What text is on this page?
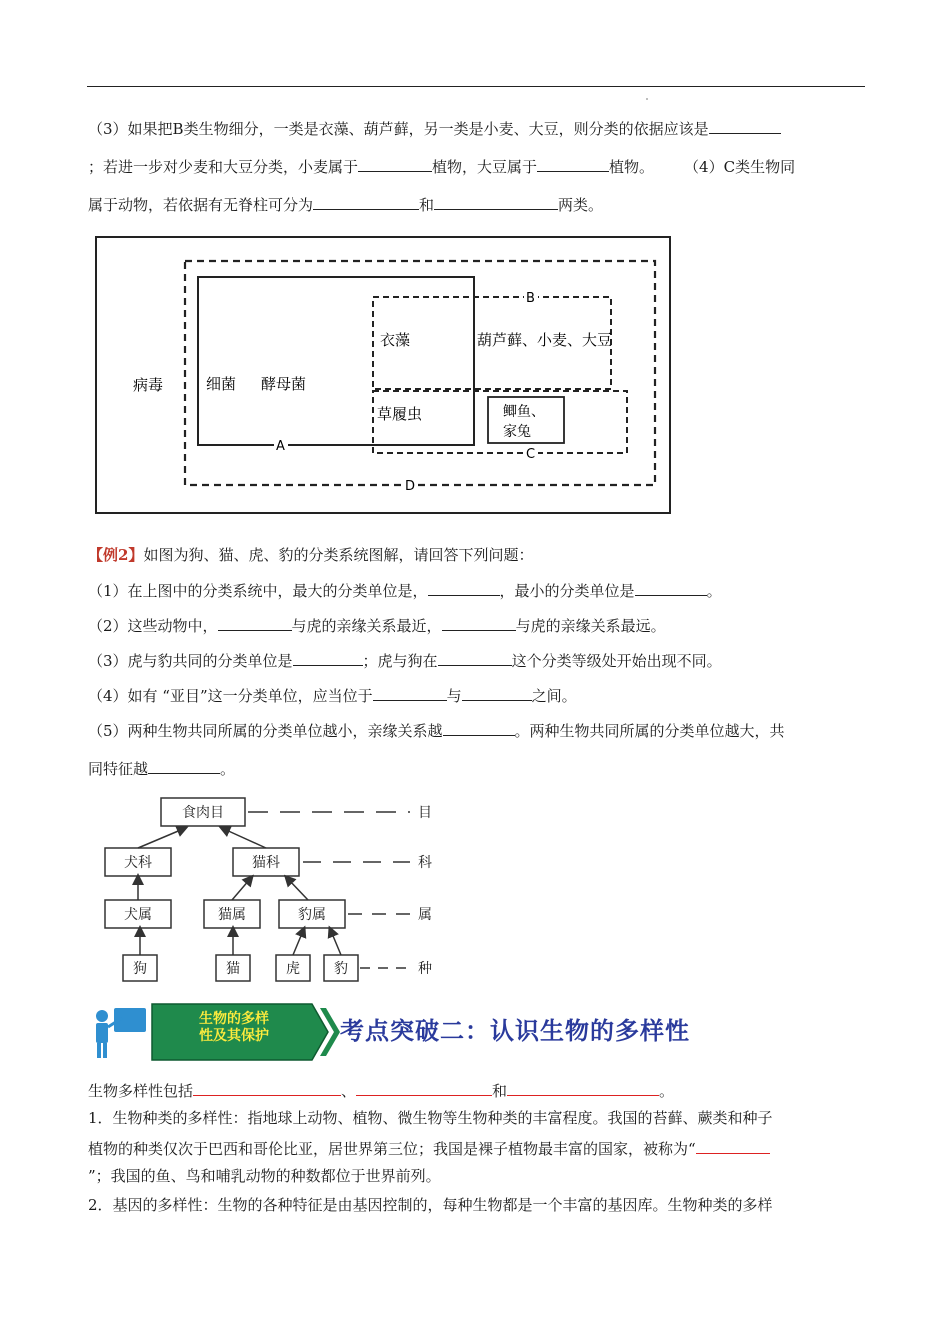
（3）如果把B类生物细分，一类是衣藻、葫芦藓，另一类是小麦、大豆，则分类的依据应该是
；若进一步对少麦和大豆分类，小麦属于	植物，大豆属于	植物。 （4）C类生物同
属于动物，若依据有无脊柱可分为	和	两类。
病毒	细菌 酵母菌
衣藻	葫芦藓、小麦、大豆
草履虫	鲫鱼、
家兔
A
B
C
D
【例2】如图为狗、猫、虎、豹的分类系统图解，请回答下列问题：
（1）在上图中的分类系统中，最大的分类单位是，	，最小的分类单位是	。
（2）这些动物中，	与虎的亲缘关系最近，	与虎的亲缘关系最远。
（3）虎与豹共同的分类单位是	；虎与狗在	这个分类等级处开始出现不同。
（4）如有 “亚目”这一分类单位，应当位于	与	之间。
（5）两种生物共同所属的分类单位越小，亲缘关系越	。两种生物共同所属的分类单位越大，共
同特征越	。
食肉目
犬科	猫科
犬属	猫属	豹属
狗	猫	虎 豹
目
科
属
种
生物的多样
性及其保护	考点突破二：认识生物的多样性
生物多样性包括	、	和	。
1．生物种类的多样性：指地球上动物、植物、微生物等生物种类的丰富程度。我国的苔藓、蕨类和种子
植物的种类仅次于巴西和哥伦比亚，居世界第三位；我国是裸子植物最丰富的国家，被称为“
”；我国的鱼、鸟和哺乳动物的种数都位于世界前列。
2．基因的多样性：生物的各种特征是由基因控制的，每种生物都是一个丰富的基因库。生物种类的多样
